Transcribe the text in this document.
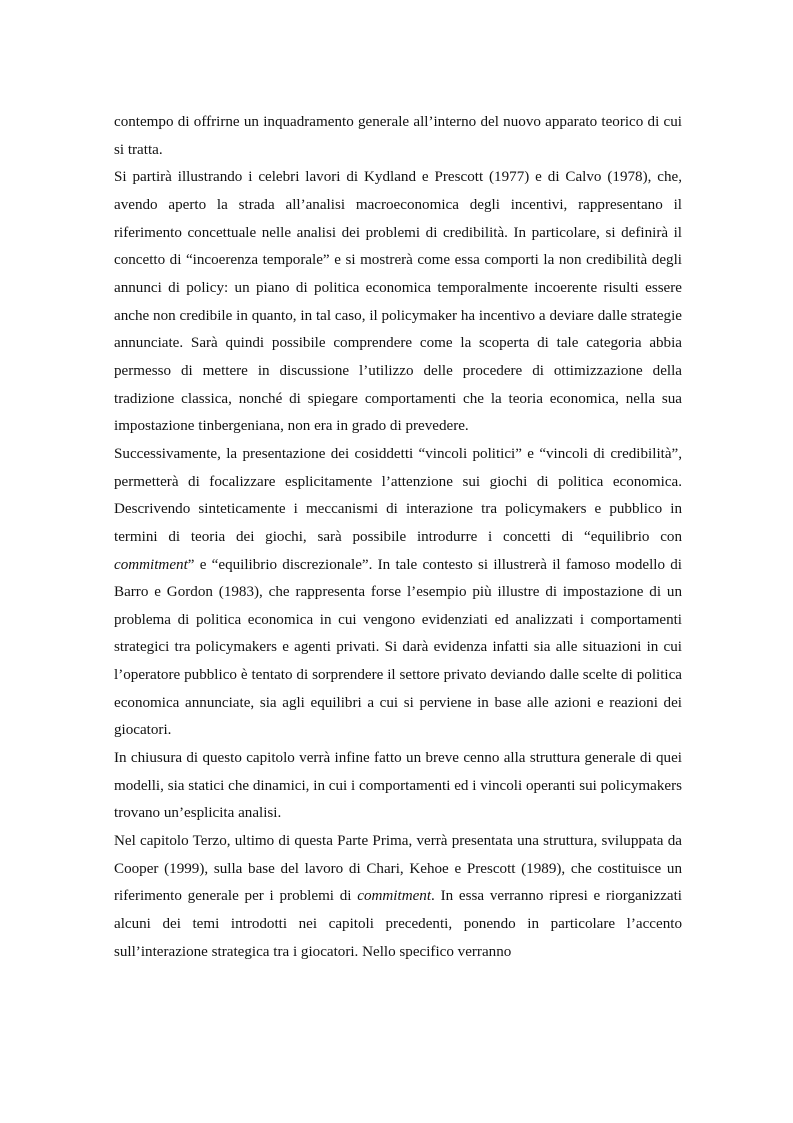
contempo di offrirne un inquadramento generale all’interno del nuovo apparato teorico di cui si tratta.

Si partirà illustrando i celebri lavori di Kydland e Prescott (1977) e di Calvo (1978), che, avendo aperto la strada all’analisi macroeconomica degli incentivi, rappresentano il riferimento concettuale nelle analisi dei problemi di credibilità. In particolare, si definirà il concetto di “incoerenza temporale” e si mostrerà come essa comporti la non credibilità degli annunci di policy: un piano di politica economica temporalmente incoerente risulti essere anche non credibile in quanto, in tal caso, il policymaker ha incentivo a deviare dalle strategie annunciate. Sarà quindi possibile comprendere come la scoperta di tale categoria abbia permesso di mettere in discussione l’utilizzo delle procedere di ottimizzazione della tradizione classica, nonché di spiegare comportamenti che la teoria economica, nella sua impostazione tinbergeniana, non era in grado di prevedere.

Successivamente, la presentazione dei cosiddetti “vincoli politici” e “vincoli di credibilità”, permetterà di focalizzare esplicitamente l’attenzione sui giochi di politica economica. Descrivendo sinteticamente i meccanismi di interazione tra policymakers e pubblico in termini di teoria dei giochi, sarà possibile introdurre i concetti di “equilibrio con commitment” e “equilibrio discrezionale”. In tale contesto si illustrerà il famoso modello di Barro e Gordon (1983), che rappresenta forse l’esempio più illustre di impostazione di un problema di politica economica in cui vengono evidenziati ed analizzati i comportamenti strategici tra policymakers e agenti privati. Si darà evidenza infatti sia alle situazioni in cui l’operatore pubblico è tentato di sorprendere il settore privato deviando dalle scelte di politica economica annunciate, sia agli equilibri a cui si perviene in base alle azioni e reazioni dei giocatori.

In chiusura di questo capitolo verrà infine fatto un breve cenno alla struttura generale di quei modelli, sia statici che dinamici, in cui i comportamenti ed i vincoli operanti sui policymakers trovano un’esplicita analisi.

Nel capitolo Terzo, ultimo di questa Parte Prima, verrà presentata una struttura, sviluppata da Cooper (1999), sulla base del lavoro di Chari, Kehoe e Prescott (1989), che costituisce un riferimento generale per i problemi di commitment. In essa verranno ripresi e riorganizzati alcuni dei temi introdotti nei capitoli precedenti, ponendo in particolare l’accento sull’interazione strategica tra i giocatori. Nello specifico verranno
